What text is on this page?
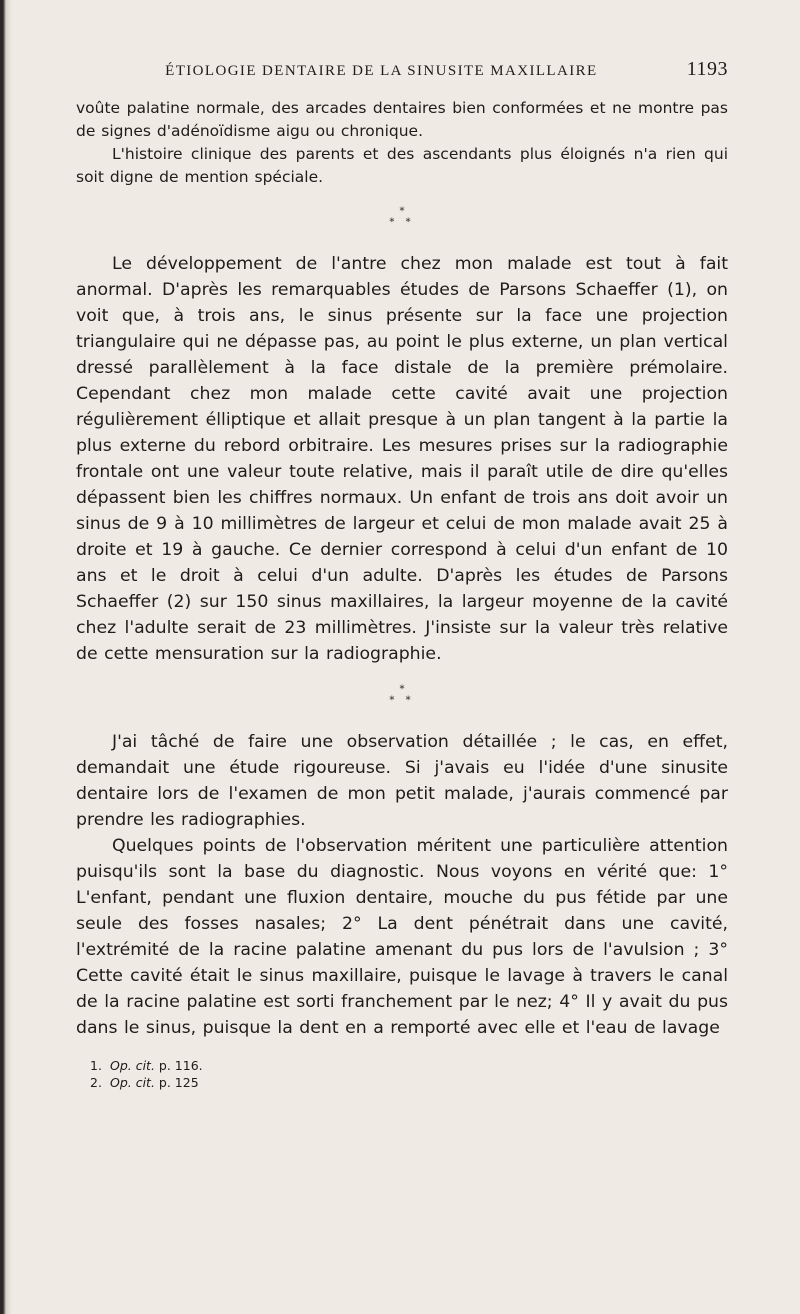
ÉTIOLOGIE DENTAIRE DE LA SINUSITE MAXILLAIRE	1193

voûte palatine normale, des arcades dentaires bien conformées et ne montre pas de signes d'adénoïdisme aigu ou chronique.

L'histoire clinique des parents et des ascendants plus éloignés n'a rien qui soit digne de mention spéciale.

*
* *

Le développement de l'antre chez mon malade est tout à fait anormal. D'après les remarquables études de Parsons Schaeffer (1), on voit que, à trois ans, le sinus présente sur la face une projection triangulaire qui ne dépasse pas, au point le plus externe, un plan vertical dressé parallèlement à la face distale de la première prémolaire. Cependant chez mon malade cette cavité avait une projection régulièrement élliptique et allait presque à un plan tangent à la partie la plus externe du rebord orbitraire. Les mesures prises sur la radiographie frontale ont une valeur toute relative, mais il paraît utile de dire qu'elles dépassent bien les chiffres normaux. Un enfant de trois ans doit avoir un sinus de 9 à 10 millimètres de largeur et celui de mon malade avait 25 à droite et 19 à gauche. Ce dernier correspond à celui d'un enfant de 10 ans et le droit à celui d'un adulte. D'après les études de Parsons Schaeffer (2) sur 150 sinus maxillaires, la largeur moyenne de la cavité chez l'adulte serait de 23 millimètres. J'insiste sur la valeur très relative de cette mensuration sur la radiographie.

*
* *

J'ai tâché de faire une observation détaillée ; le cas, en effet, demandait une étude rigoureuse. Si j'avais eu l'idée d'une sinusite dentaire lors de l'examen de mon petit malade, j'aurais commencé par prendre les radiographies.

Quelques points de l'observation méritent une particulière attention puisqu'ils sont la base du diagnostic. Nous voyons en vérité que: 1° L'enfant, pendant une fluxion dentaire, mouche du pus fétide par une seule des fosses nasales; 2° La dent pénétrait dans une cavité, l'extrémité de la racine palatine amenant du pus lors de l'avulsion ; 3° Cette cavité était le sinus maxillaire, puisque le lavage à travers le canal de la racine palatine est sorti franchement par le nez; 4° Il y avait du pus dans le sinus, puisque la dent en a remporté avec elle et l'eau de lavage

1. Op. cit. p. 116.
2. Op. cit. p. 125
